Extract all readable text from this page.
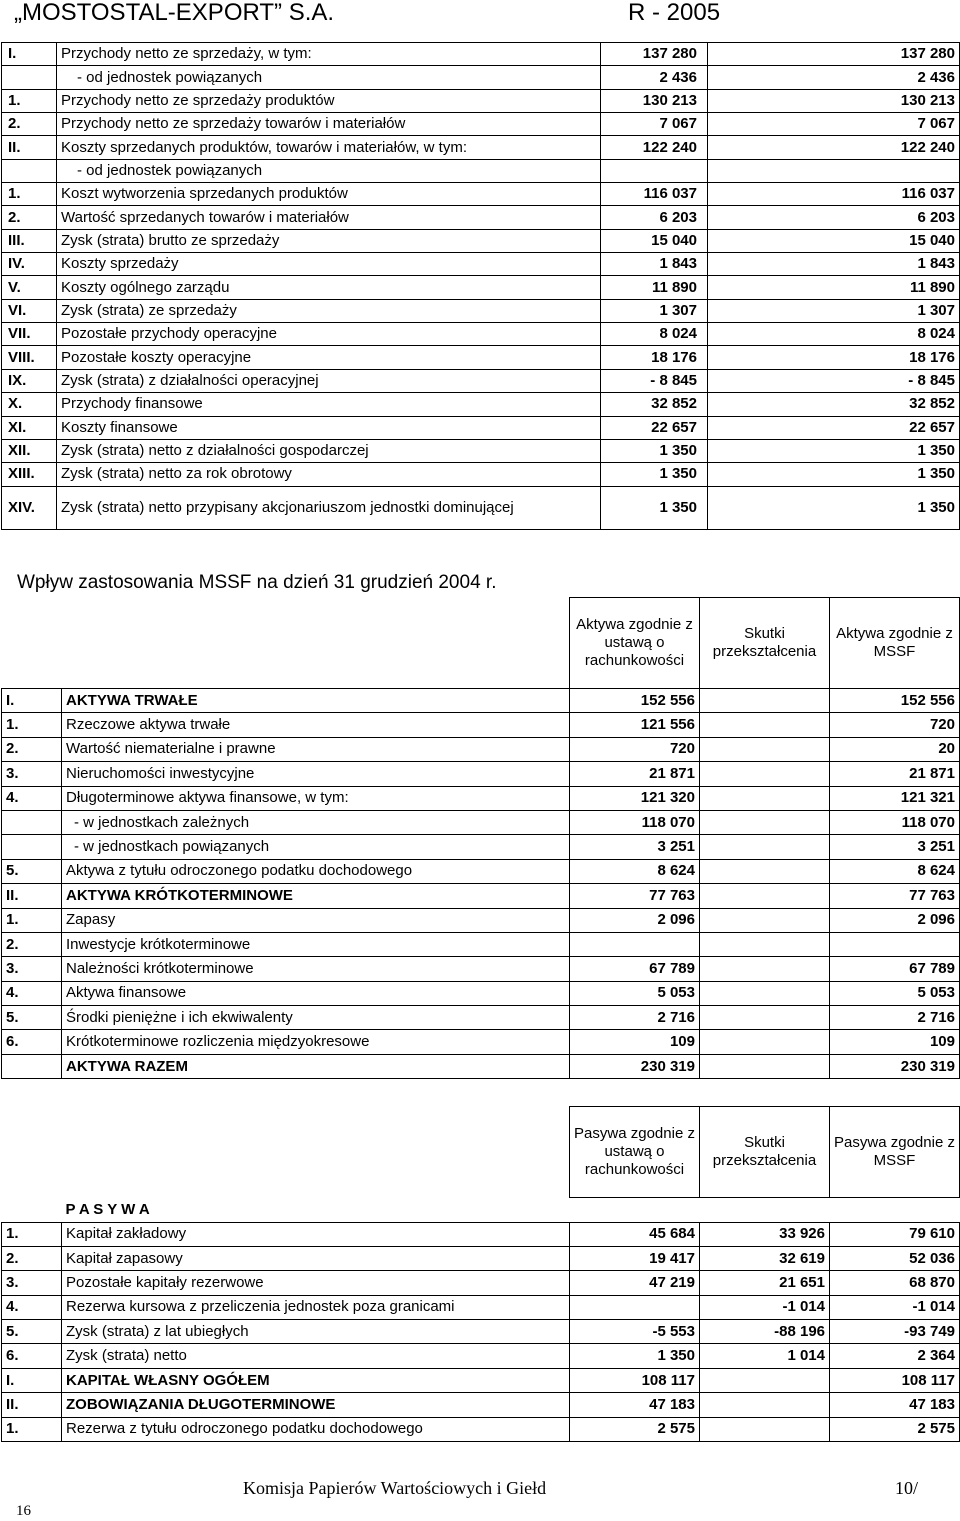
„MOSTOSTAL-EXPORT” S.A.	R - 2005
I.	Przychody netto ze sprzedaży, w tym:	137 280	137 280
	- od jednostek powiązanych	2 436	2 436
1.	Przychody netto ze sprzedaży produktów	130 213	130 213
2.	Przychody netto ze sprzedaży towarów i materiałów	7 067	7 067
II.	Koszty sprzedanych produktów, towarów i materiałów, w tym:	122 240	122 240
	- od jednostek powiązanych		
1.	Koszt wytworzenia sprzedanych produktów	116 037	116 037
2.	Wartość sprzedanych towarów i materiałów	6 203	6 203
III.	Zysk (strata) brutto ze sprzedaży	15 040	15 040
IV.	Koszty sprzedaży	1 843	1 843
V.	Koszty ogólnego zarządu	11 890	11 890
VI.	Zysk (strata) ze sprzedaży	1 307	1 307
VII.	Pozostałe przychody operacyjne	8 024	8 024
VIII.	Pozostałe koszty operacyjne	18 176	18 176
IX.	Zysk (strata) z działalności operacyjnej	- 8 845	- 8 845
X.	Przychody finansowe	32 852	32 852
XI.	Koszty finansowe	22 657	22 657
XII.	Zysk (strata) netto z działalności gospodarczej	1 350	1 350
XIII.	Zysk (strata) netto za rok obrotowy	1 350	1 350
XIV.	Zysk (strata) netto przypisany akcjonariuszom jednostki dominującej	1 350	1 350
Wpływ zastosowania MSSF na dzień 31 grudzień 2004 r.
		Aktywa zgodnie z ustawą o rachunkowości	Skutki przekształcenia	Aktywa zgodnie z MSSF
I.	AKTYWA TRWAŁE	152 556		152 556
1.	Rzeczowe aktywa trwałe	121 556		720
2.	Wartość niematerialne i prawne	720		20
3.	Nieruchomości inwestycyjne	21 871		21 871
4.	Długoterminowe aktywa finansowe, w tym:	121 320		121 321
	- w jednostkach zależnych	118 070		118 070
	- w jednostkach powiązanych	3 251		3 251
5.	Aktywa z tytułu odroczonego podatku dochodowego	8 624		8 624
II.	AKTYWA KRÓTKOTERMINOWE	77 763		77 763
1.	Zapasy	2 096		2 096
2.	Inwestycje krótkoterminowe			
3.	Należności krótkoterminowe	67 789		67 789
4.	Aktywa finansowe	5 053		5 053
5.	Środki pieniężne i ich ekwiwalenty	2 716		2 716
6.	Krótkoterminowe rozliczenia międzyokresowe	109		109
	AKTYWA RAZEM	230 319		230 319
		Pasywa zgodnie z ustawą o rachunkowości	Skutki przekształcenia	Pasywa zgodnie z MSSF
	P A S Y W A			
1.	Kapitał zakładowy	45 684	33 926	79 610
2.	Kapitał zapasowy	19 417	32 619	52 036
3.	Pozostałe kapitały rezerwowe	47 219	21 651	68 870
4.	Rezerwa kursowa z przeliczenia jednostek poza granicami		-1 014	-1 014
5.	Zysk (strata) z lat ubiegłych	-5 553	-88 196	-93 749
6.	Zysk (strata) netto	1 350	1 014	2 364
I.	KAPITAŁ WŁASNY OGÓŁEM	108 117		108 117
II.	ZOBOWIĄZANIA DŁUGOTERMINOWE	47 183		47 183
1.	Rezerwa z tytułu odroczonego podatku dochodowego	2 575		2 575
16
Komisja Papierów Wartościowych i Giełd	10/
